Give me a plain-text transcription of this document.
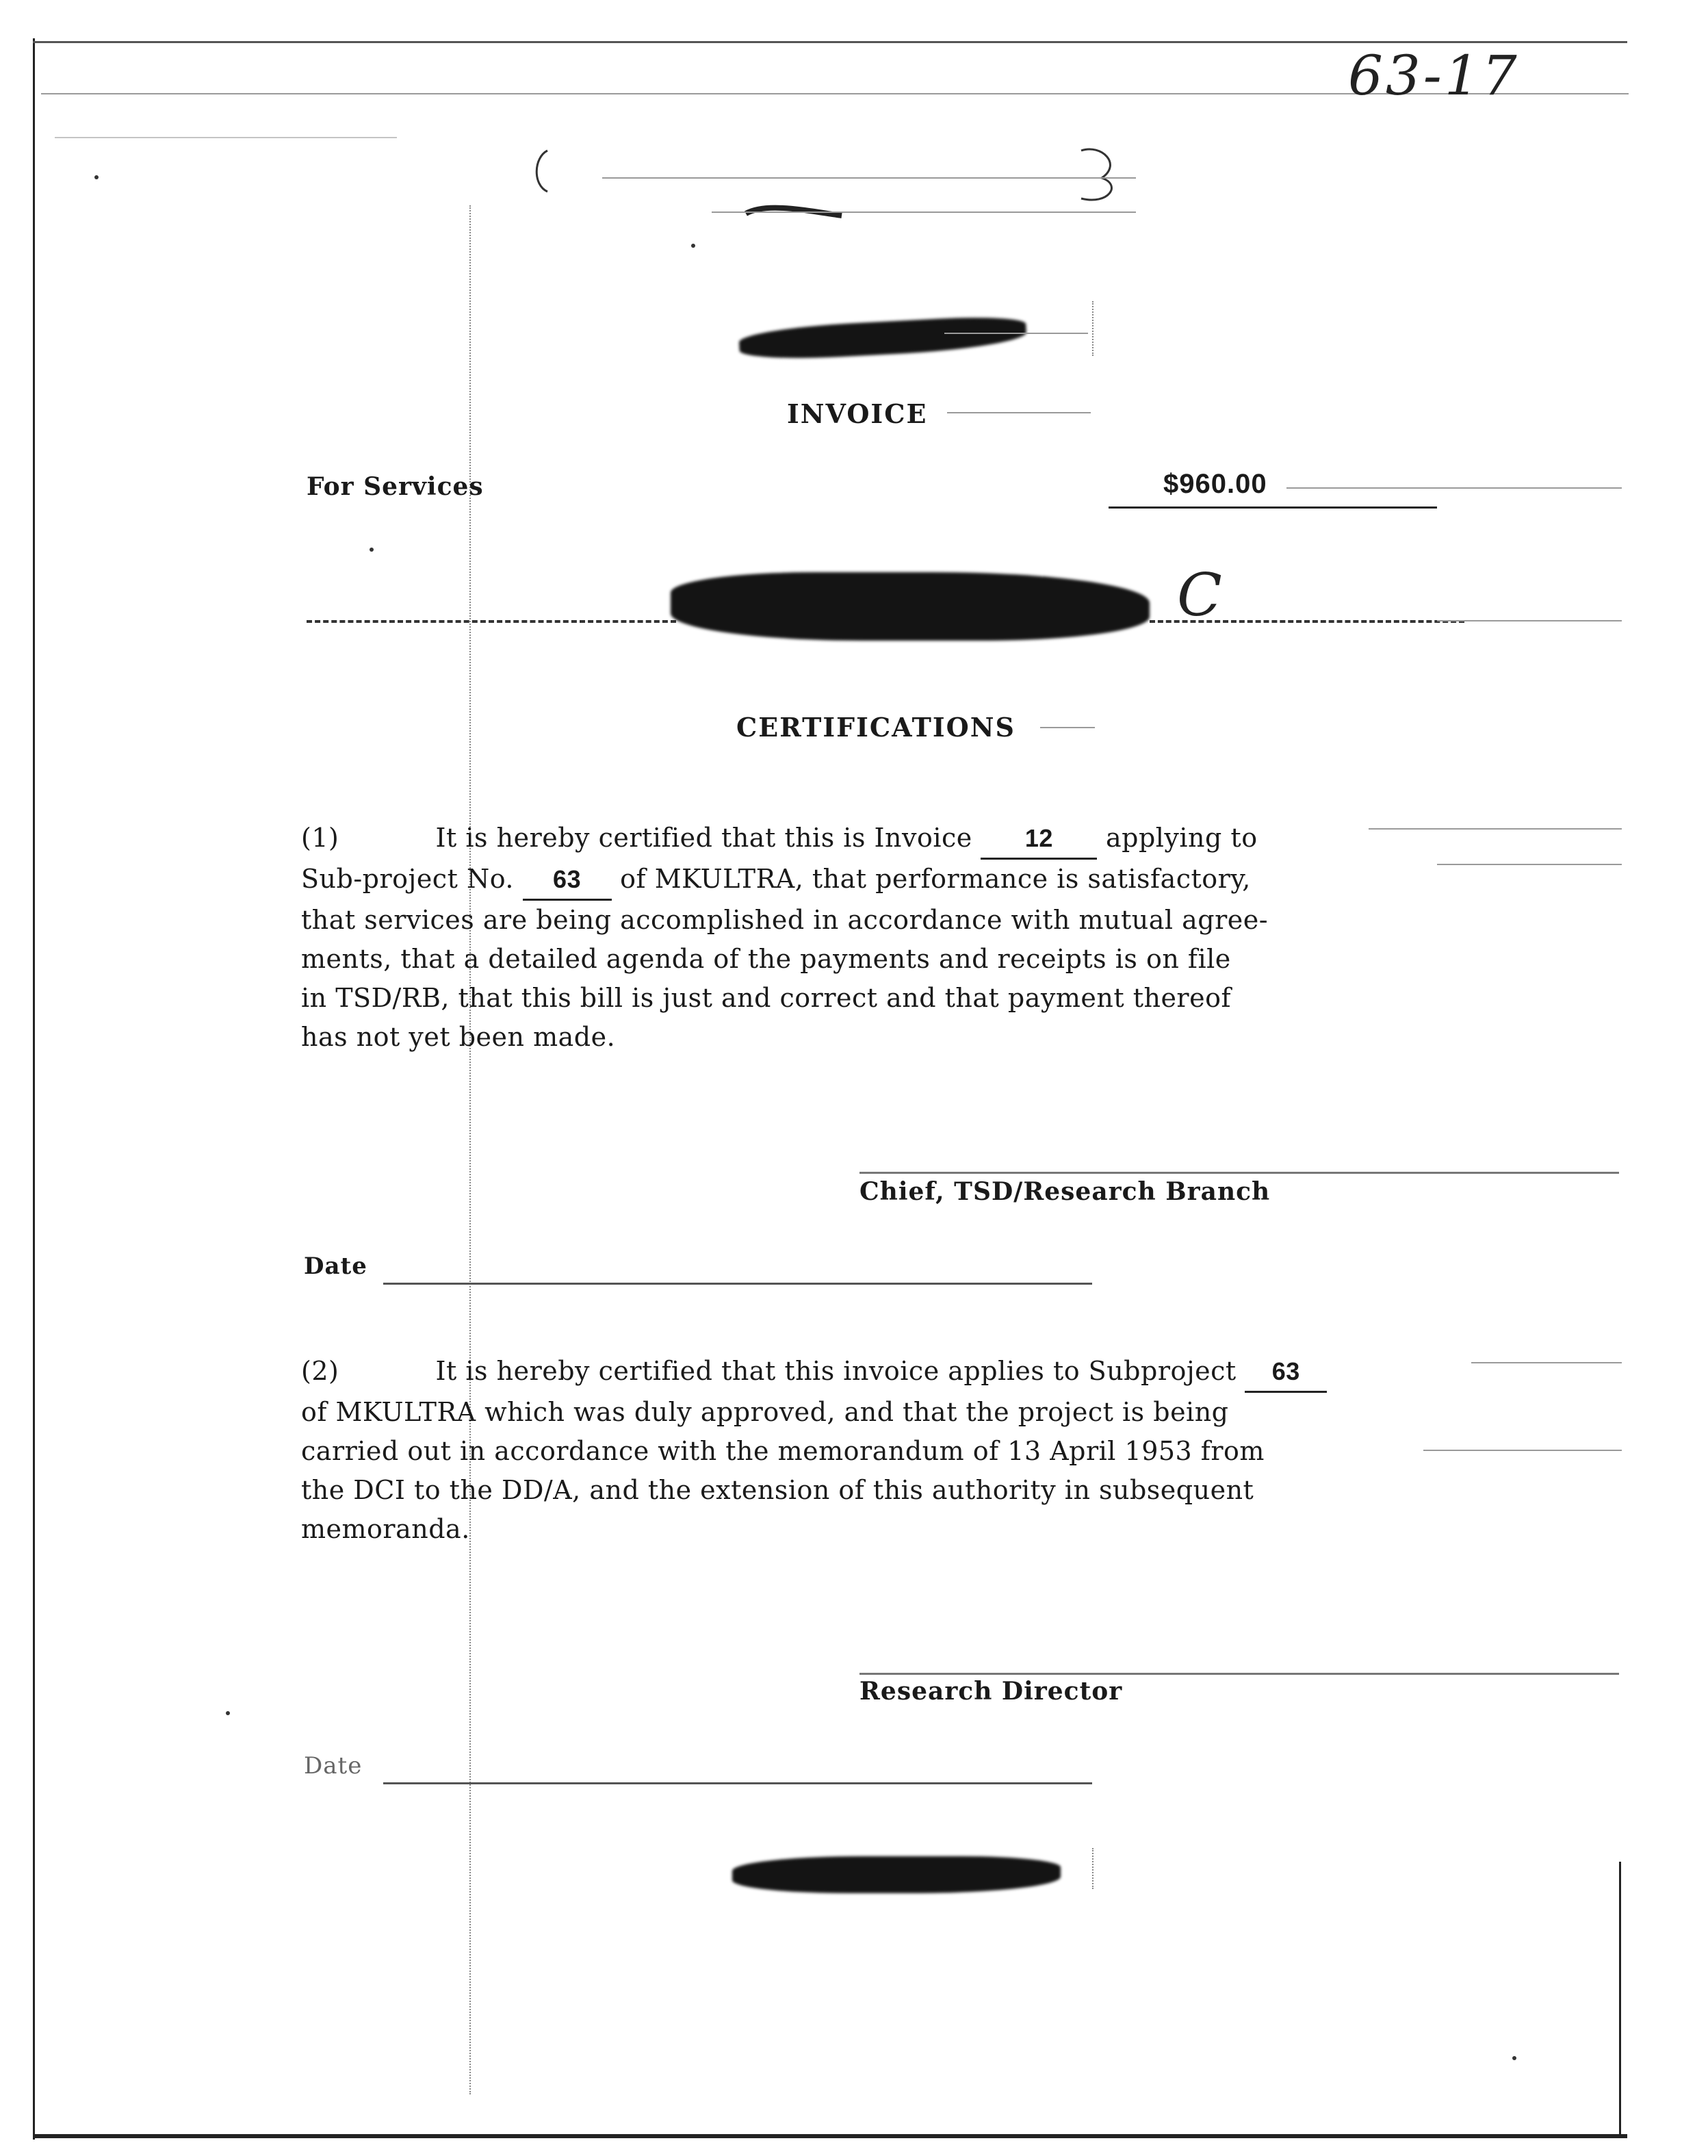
63-17
INVOICE
For Services	$960.00
C
CERTIFICATIONS
(1)	It is hereby certified that this is Invoice 12 applying to
Sub-project No. 63 of MKULTRA, that performance is satisfactory,
that services are being accomplished in accordance with mutual agree-
ments, that a detailed agenda of the payments and receipts is on file
in TSD/RB, that this bill is just and correct and that payment thereof
has not yet been made.
Chief, TSD/Research Branch
Date
(2)	It is hereby certified that this invoice applies to Subproject 63
of MKULTRA which was duly approved, and that the project is being
carried out in accordance with the memorandum of 13 April 1953 from
the DCI to the DD/A, and the extension of this authority in subsequent
memoranda.
Research Director
Date
